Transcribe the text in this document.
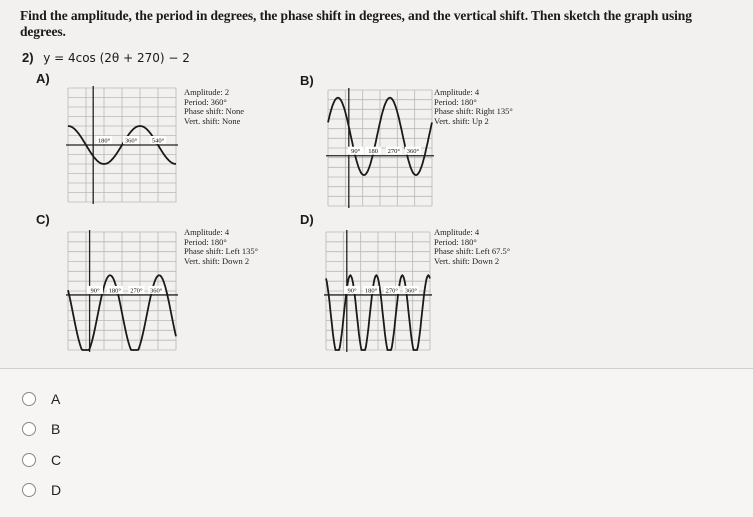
Find the amplitude, the period in degrees, the phase shift in degrees, and the vertical shift. Then sketch the graph using degrees.
2) y = 4cos (2θ + 270) − 2
A)
Amplitude: 2
Period: 360°
Phase shift: None
Vert. shift: None
180° 360° 540°
B)
Amplitude: 4
Period: 180°
Phase shift: Right 135°
Vert. shift: Up 2
90° 180 270° 360°
C)
Amplitude: 4
Period: 180°
Phase shift: Left 135°
Vert. shift: Down 2
90° 180° 270° 360°
D)
Amplitude: 4
Period: 180°
Phase shift: Left 67.5°
Vert. shift: Down 2
90° 180° 270° 360°
A
B
C
D
